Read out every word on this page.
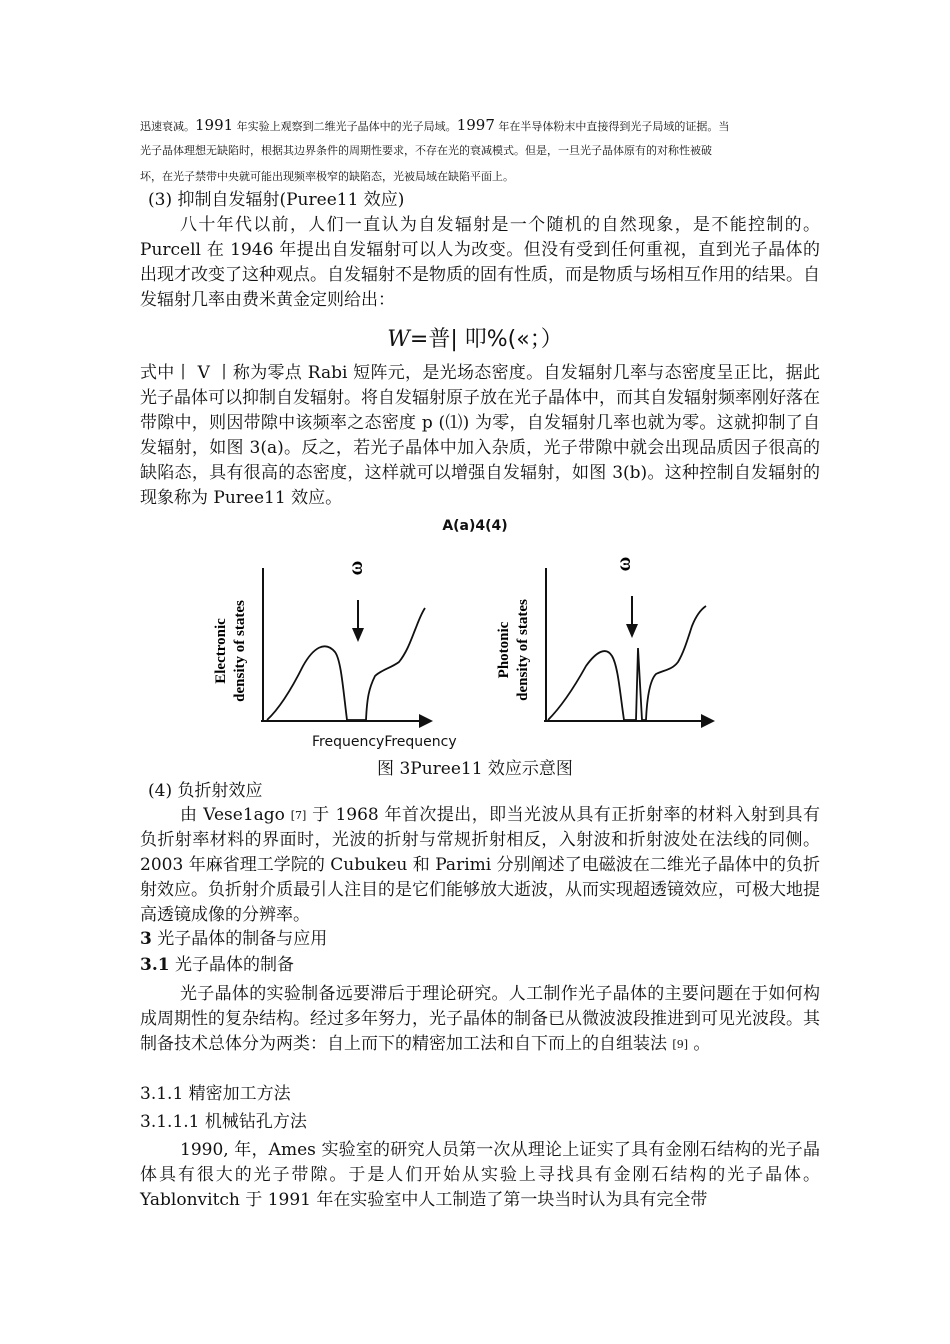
迅速衰减。1991 年实验上观察到二维光子晶体中的光子局域。1997 年在半导体粉末中直接得到光子局域的证据。当
光子晶体理想无缺陷时，根据其边界条件的周期性要求，不存在光的衰减模式。但是，一旦光子晶体原有的对称性被破
坏，在光子禁带中央就可能出现频率极窄的缺陷态，光被局域在缺陷平面上。
(3) 抑制自发辐射(Puree11 效应)
八十年代以前，人们一直认为自发辐射是一个随机的自然现象，是不能控制的。Purcell 在 1946 年提出自发辐射可以人为改变。但没有受到任何重视，直到光子晶体的出现才改变了这种观点。自发辐射不是物质的固有性质，而是物质与场相互作用的结果。自发辐射几率由费米黄金定则给出：
W=普| 叩%(«；）
式中丨 V 丨称为零点 Rabi 短阵元，是光场态密度。自发辐射几率与态密度呈正比，据此光子晶体可以抑制自发辐射。将自发辐射原子放在光子晶体中，而其自发辐射频率刚好落在带隙中，则因带隙中该频率之态密度 p (⑴) 为零，自发辐射几率也就为零。这就抑制了自发辐射，如图 3(a)。反之，若光子晶体中加入杂质，光子带隙中就会出现品质因子很高的缺陷态，具有很高的态密度，这样就可以增强自发辐射，如图 3(b)。这种控制自发辐射的现象称为 Puree11 效应。
A(a)4(4)
ω
Electronic density of states
ω
Photonic density of states
FrequencyFrequency
图 3Puree11 效应示意图
(4) 负折射效应
由 Vese1ago [7] 于 1968 年首次提出，即当光波从具有正折射率的材料入射到具有负折射率材料的界面时，光波的折射与常规折射相反，入射波和折射波处在法线的同侧。2003 年麻省理工学院的 Cubukeu 和 Parimi 分别阐述了电磁波在二维光子晶体中的负折射效应。负折射介质最引人注目的是它们能够放大逝波，从而实现超透镜效应，可极大地提高透镜成像的分辨率。
3 光子晶体的制备与应用
3.1 光子晶体的制备
光子晶体的实验制备远要滞后于理论研究。人工制作光子晶体的主要问题在于如何构成周期性的复杂结构。经过多年努力，光子晶体的制备已从微波波段推进到可见光波段。其制备技术总体分为两类：自上而下的精密加工法和自下而上的自组装法 [9] 。
3.1.1 精密加工方法
3.1.1.1 机械钻孔方法
1990, 年，Ames 实验室的研究人员第一次从理论上证实了具有金刚石结构的光子晶体具有很大的光子带隙。于是人们开始从实验上寻找具有金刚石结构的光子晶体。Yablonvitch 于 1991 年在实验室中人工制造了第一块当时认为具有完全带
